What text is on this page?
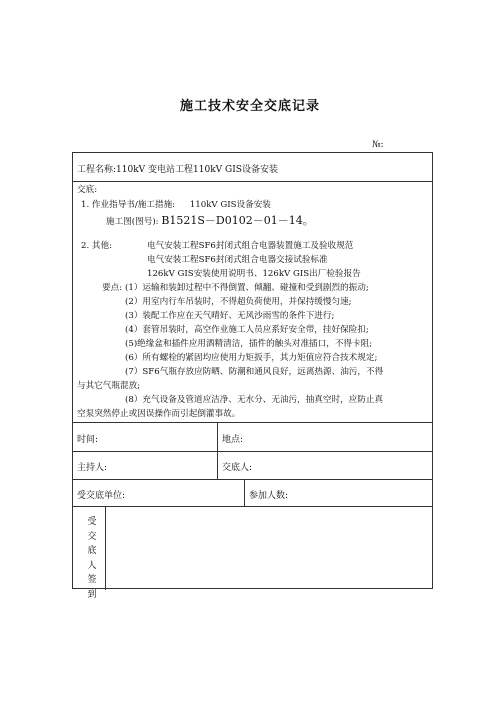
施工技术安全交底记录
№:
工程名称:110kV 变电站工程110kV GIS设备安装
交底:
1. 作业指导书/施工措施: 110kV GIS设备安装
施工图(图号): B1521S－D0102－01－14。
2. 其他:	电气安装工程SF6封闭式组合电器装置施工及验收规范
电气安装工程SF6封闭式组合电器交接试验标准
126kV GIS安装使用说明书、126kV GIS出厂检验报告
要点: (1）运输和装卸过程中不得倒置、倾翻、碰撞和受到剧烈的振动;
(2）用室内行车吊装时，不得超负荷使用，并保持缓慢匀速;
(3）装配工作应在天气晴好、无风沙雨雪的条件下进行;
(4）套管吊装时，高空作业施工人员应系好安全带，挂好保险扣;
(5)绝缘盆和插件应用酒精清洁，插件的触头对准插口，不得卡阻;
(6）所有螺栓的紧固均应使用力矩扳手，其力矩值应符合技术规定;
(7）SF6气瓶存放应防晒、防潮和通风良好，远离热源、油污，不得
与其它气瓶混放;
(8）充气设备及管道应洁净、无水分、无油污，抽真空时，应防止真
空泵突然停止或因误操作而引起倒灌事故。
时间:	地点:
主持人:	交底人:
受交底单位:	参加人数:
受交底人签到
